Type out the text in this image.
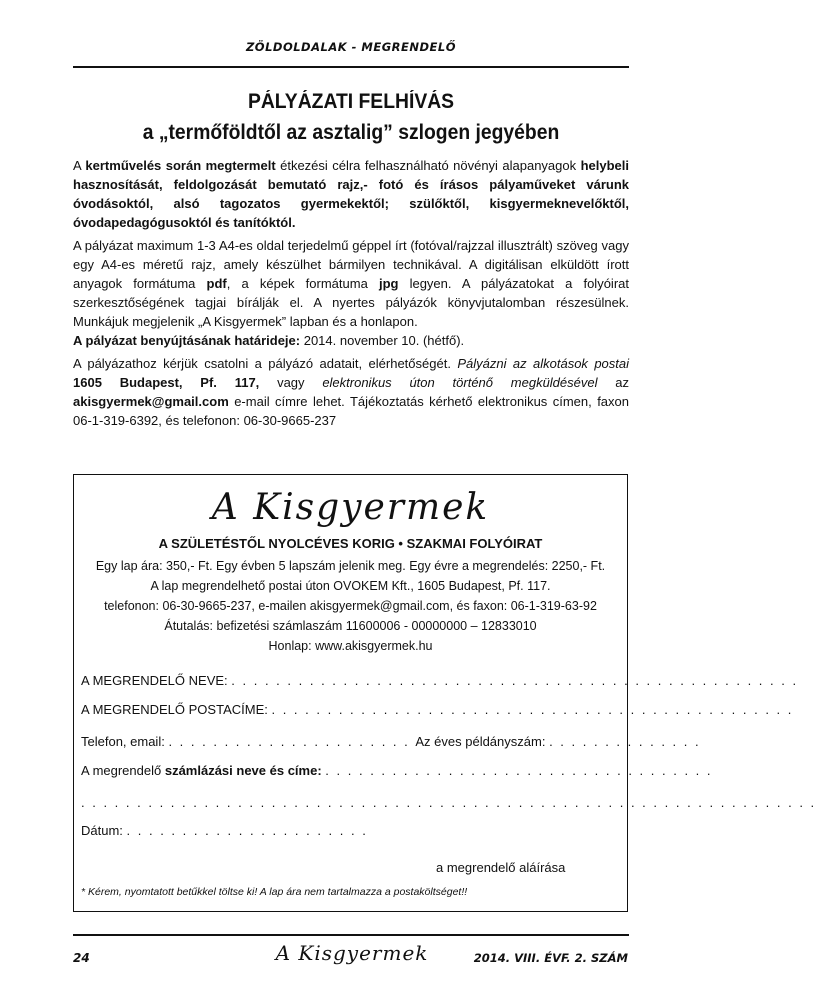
ZÖLDOLDALAK - MEGRENDELŐ
PÁLYÁZATI FELHÍVÁS
a „termőföldtől az asztalig” szlogen jegyében

A kertművelés során megtermelt étkezési célra felhasználható növényi alapanyagok helybeli hasznosítását, feldolgozását bemutató rajz,- fotó és írásos pályaműveket várunk óvodásoktól, alsó tagozatos gyermekektől; szülőktől, kisgyermeknevelőktől, óvodapedagógusoktól és tanítóktól.

A pályázat maximum 1-3 A4-es oldal terjedelmű géppel írt (fotóval/rajzzal illusztrált) szöveg vagy egy A4-es méretű rajz, amely készülhet bármilyen technikával. A digitálisan elküldött írott anyagok formátuma pdf, a képek formátuma jpg legyen. A pályázatokat a folyóirat szerkesztőségének tagjai bírálják el. A nyertes pályázók könyvjutalomban részesülnek. Munkájuk megjelenik „A Kisgyermek” lapban és a honlapon.
A pályázat benyújtásának határideje: 2014. november 10. (hétfő).

A pályázathoz kérjük csatolni a pályázó adatait, elérhetőségét. Pályázni az alkotások postai 1605 Budapest, Pf. 117, vagy elektronikus úton történő megküldésével az akisgyermek@gmail.com e-mail címre lehet. Tájékoztatás kérhető elektronikus címen, faxon 06-1-319-6392, és telefonon: 06-30-9665-237

A Kisgyermek
A SZÜLETÉSTŐL NYOLCÉVES KORIG • SZAKMAI FOLYÓIRAT
Egy lap ára: 350,- Ft. Egy évben 5 lapszám jelenik meg. Egy évre a megrendelés: 2250,- Ft.
A lap megrendelhető postai úton OVOKEM Kft., 1605 Budapest, Pf. 117.
telefonon: 06-30-9665-237, e-mailen akisgyermek@gmail.com, és faxon: 06-1-319-63-92
Átutalás: befizetési számlaszám 11600006 - 00000000 – 12833010
Honlap: www.akisgyermek.hu
A MEGRENDELŐ NEVE: . . . . . . . . . . . . . . . . . . . . . . . . . . . . . . . . . . . . . . . . . . . . . . . . . . .
A MEGRENDELŐ POSTACÍME: . . . . . . . . . . . . . . . . . . . . . . . . . . . . . . . . . . . . . . . . . . . . . . .
Telefon, email: . . . . . . . . . . . . . . . . . . . . . . Az éves példányszám: . . . . . . . . . . . . . .
A megrendelő számlázási neve és címe: . . . . . . . . . . . . . . . . . . . . . . . . . . . . . . . . . . .
. . . . . . . . . . . . . . . . . . . . . . . . . . . . . . . . . . . . . . . . . . . . . . . . . . . . . . . . . . . . . . . . . .
Dátum: . . . . . . . . . . . . . . . . . . . . . .
a megrendelő aláírása
* Kérem, nyomtatott betűkkel töltse ki! A lap ára nem tartalmazza a postaköltséget!!
24	A Kisgyermek	2014. VIII. ÉVF. 2. SZÁM
